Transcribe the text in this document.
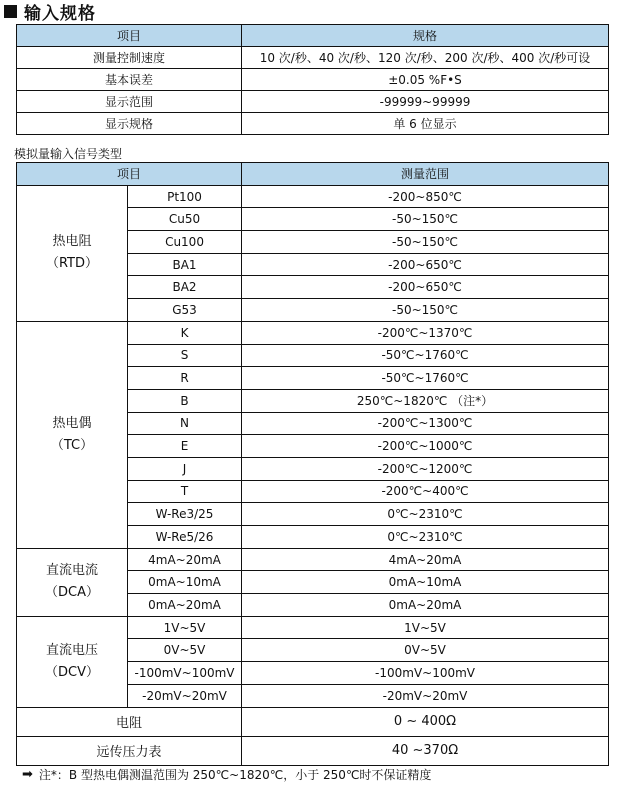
输入规格
项目	规格
测量控制速度	10 次/秒、40 次/秒、120 次/秒、200 次/秒、400 次/秒可设
基本误差	±0.05 %F•S
显示范围	-99999~99999
显示规格	单 6 位显示
模拟量输入信号类型
项目		测量范围

热电阻
（RTD）	Pt100	-200~850℃
	Cu50	-50~150℃
	Cu100	-50~150℃
	BA1	-200~650℃
	BA2	-200~650℃
	G53	-50~150℃

热电偶
（TC）	K	-200℃~1370℃
	S	-50℃~1760℃
	R	-50℃~1760℃
	B	250℃~1820℃ （注*）
	N	-200℃~1300℃
	E	-200℃~1000℃
	J	-200℃~1200℃
	T	-200℃~400℃
	W-Re3/25	0℃~2310℃
	W-Re5/26	0℃~2310℃

直流电流
（DCA）	4mA~20mA	4mA~20mA
	0mA~10mA	0mA~10mA
	0mA~20mA	0mA~20mA

直流电压
（DCV）	1V~5V	1V~5V
	0V~5V	0V~5V
	-100mV~100mV	-100mV~100mV
	-20mV~20mV	-20mV~20mV
电阻		0 ~ 400Ω
远传压力表		40 ~370Ω
➡ 注*：B 型热电偶测温范围为 250℃~1820℃，小于 250℃时不保证精度
